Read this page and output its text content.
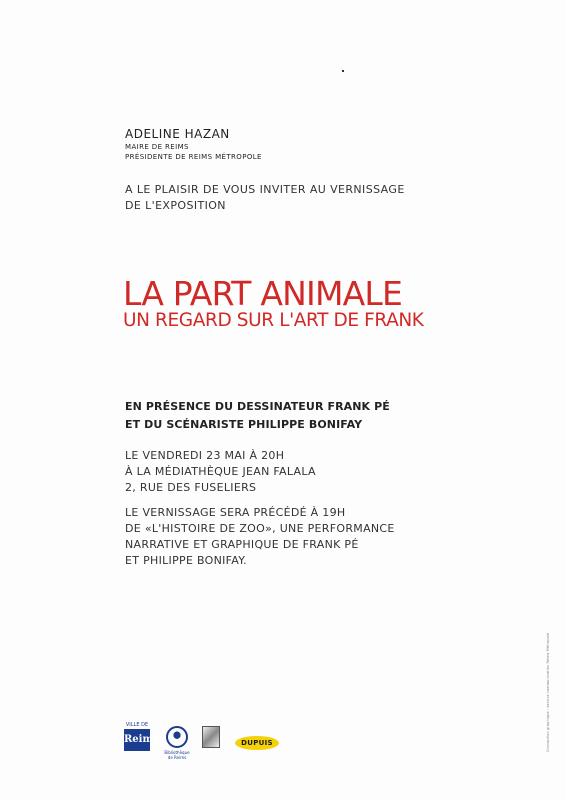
ADELINE HAZAN
MAIRE DE REIMS
PRÉSIDENTE DE REIMS MÉTROPOLE
A LE PLAISIR DE VOUS INVITER AU VERNISSAGE
DE L'EXPOSITION
LA PART ANIMALE
UN REGARD SUR L'ART DE FRANK
EN PRÉSENCE DU DESSINATEUR FRANK PÉ
ET DU SCÉNARISTE PHILIPPE BONIFAY
LE VENDREDI 23 MAI À 20H
À LA MÉDIATHÈQUE JEAN FALALA
2, RUE DES FUSELIERS
LE VERNISSAGE SERA PRÉCÉDÉ À 19H
DE «L'HISTOIRE DE ZOO», UNE PERFORMANCE
NARRATIVE ET GRAPHIQUE DE FRANK PÉ
ET PHILIPPE BONIFAY.
VILLE DE
Reims
Bibliothèque de Reims
DUPUIS	Conception graphique : service communication Reims Métropole
